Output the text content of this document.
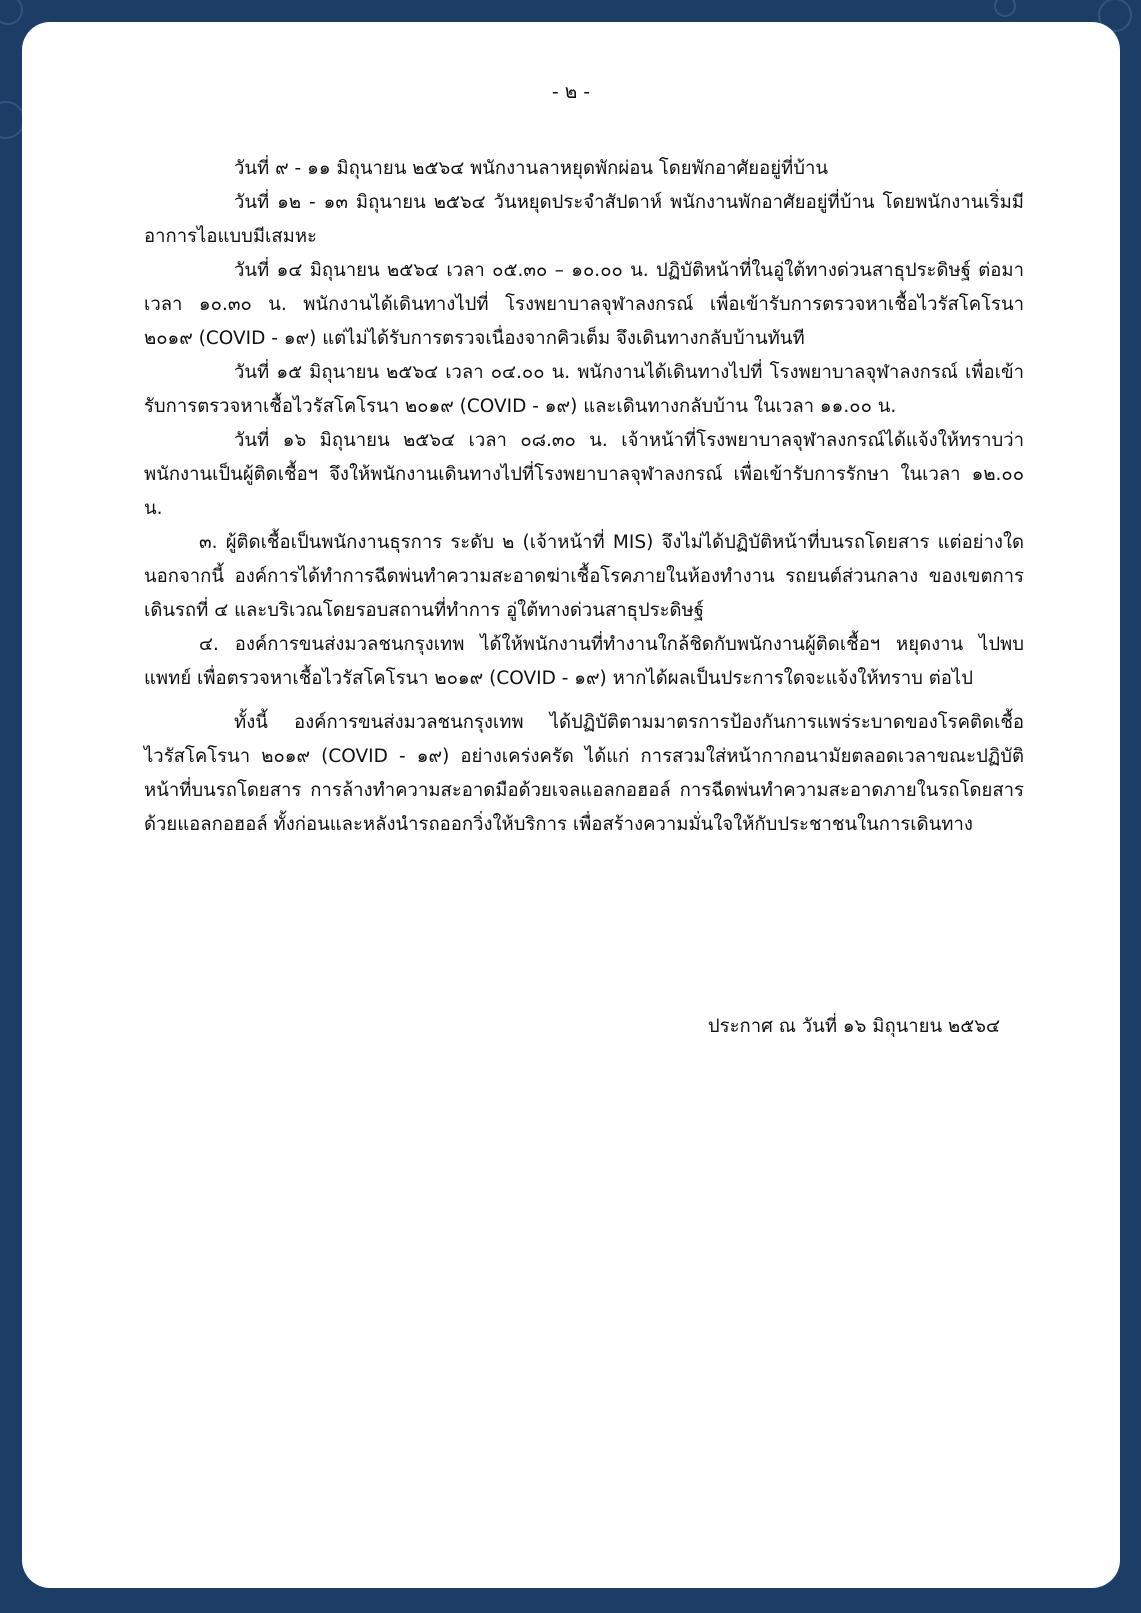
- ๒ -

วันที่ ๙ - ๑๑ มิถุนายน ๒๕๖๔ พนักงานลาหยุดพักผ่อน โดยพักอาศัยอยู่ที่บ้าน

วันที่ ๑๒ - ๑๓ มิถุนายน ๒๕๖๔ วันหยุดประจำสัปดาห์ พนักงานพักอาศัยอยู่ที่บ้าน โดยพนักงานเริ่มมีอาการไอแบบมีเสมหะ

วันที่ ๑๔ มิถุนายน ๒๕๖๔ เวลา ๐๕.๓๐ – ๑๐.๐๐ น. ปฏิบัติหน้าที่ในอู่ใต้ทางด่วนสาธุประดิษฐ์ ต่อมาเวลา ๑๐.๓๐ น. พนักงานได้เดินทางไปที่ โรงพยาบาลจุฬาลงกรณ์ เพื่อเข้ารับการตรวจหาเชื้อไวรัสโคโรนา ๒๐๑๙ (COVID - ๑๙) แต่ไม่ได้รับการตรวจเนื่องจากคิวเต็ม จึงเดินทางกลับบ้านทันที

วันที่ ๑๕ มิถุนายน ๒๕๖๔ เวลา ๐๔.๐๐ น. พนักงานได้เดินทางไปที่ โรงพยาบาลจุฬาลงกรณ์ เพื่อเข้ารับการตรวจหาเชื้อไวรัสโคโรนา ๒๐๑๙ (COVID - ๑๙) และเดินทางกลับบ้าน ในเวลา ๑๑.๐๐ น.

วันที่ ๑๖ มิถุนายน ๒๕๖๔ เวลา ๐๘.๓๐ น. เจ้าหน้าที่โรงพยาบาลจุฬาลงกรณ์ได้แจ้งให้ทราบว่า พนักงานเป็นผู้ติดเชื้อฯ จึงให้พนักงานเดินทางไปที่โรงพยาบาลจุฬาลงกรณ์ เพื่อเข้ารับการรักษา ในเวลา ๑๒.๐๐ น.

๓. ผู้ติดเชื้อเป็นพนักงานธุรการ ระดับ ๒ (เจ้าหน้าที่ MIS) จึงไม่ได้ปฏิบัติหน้าที่บนรถโดยสาร แต่อย่างใด นอกจากนี้ องค์การได้ทำการฉีดพ่นทำความสะอาดฆ่าเชื้อโรคภายในห้องทำงาน รถยนต์ส่วนกลาง ของเขตการเดินรถที่ ๔ และบริเวณโดยรอบสถานที่ทำการ อู่ใต้ทางด่วนสาธุประดิษฐ์

๔. องค์การขนส่งมวลชนกรุงเทพ ได้ให้พนักงานที่ทำงานใกล้ชิดกับพนักงานผู้ติดเชื้อฯ หยุดงาน ไปพบแพทย์ เพื่อตรวจหาเชื้อไวรัสโคโรนา ๒๐๑๙ (COVID - ๑๙) หากได้ผลเป็นประการใดจะแจ้งให้ทราบ ต่อไป

ทั้งนี้ องค์การขนส่งมวลชนกรุงเทพ ได้ปฏิบัติตามมาตรการป้องกันการแพร่ระบาดของโรคติดเชื้อไวรัสโคโรนา ๒๐๑๙ (COVID - ๑๙) อย่างเคร่งครัด ได้แก่ การสวมใส่หน้ากากอนามัยตลอดเวลาขณะปฏิบัติหน้าที่บนรถโดยสาร การล้างทำความสะอาดมือด้วยเจลแอลกอฮอล์ การฉีดพ่นทำความสะอาดภายในรถโดยสารด้วยแอลกอฮอล์ ทั้งก่อนและหลังนำรถออกวิ่งให้บริการ เพื่อสร้างความมั่นใจให้กับประชาชนในการเดินทาง

ประกาศ ณ วันที่ ๑๖ มิถุนายน ๒๕๖๔
